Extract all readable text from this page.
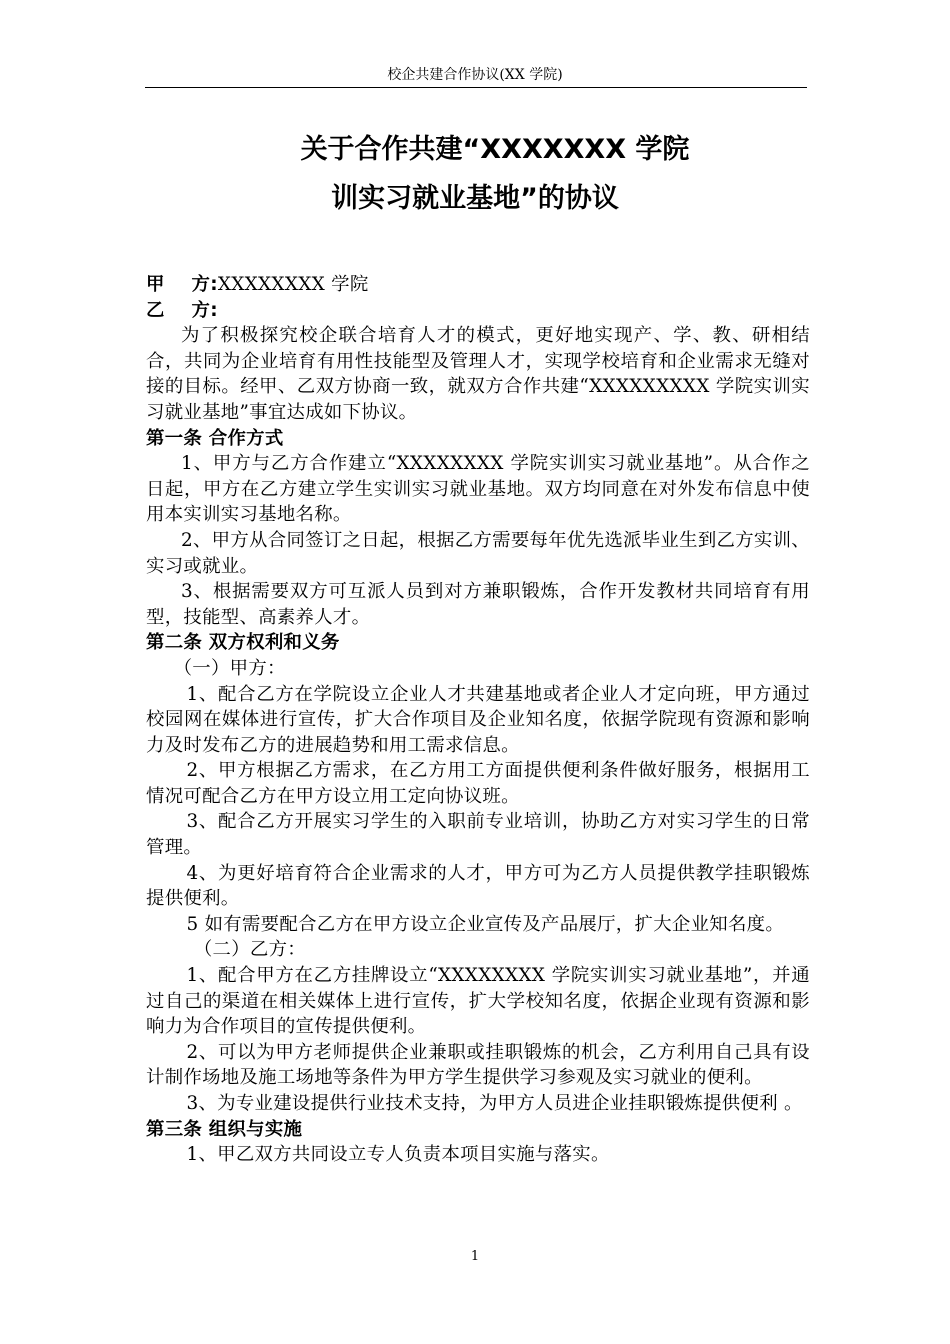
校企共建合作协议(XX 学院)
关于合作共建“XXXXXXX 学院
训实习就业基地”的协议
甲    方: XXXXXXXX 学院
乙    方:

为了积极探究校企联合培育人才的模式，更好地实现产、学、教、研相结合，共同为企业培育有用性技能型及管理人才，实现学校培育和企业需求无缝对接的目标。经甲、乙双方协商一致，就双方合作共建“XXXXXXXXX 学院实训实习就业基地”事宜达成如下协议。

第一条 合作方式

1、甲方与乙方合作建立“XXXXXXXX 学院实训实习就业基地”。从合作之日起，甲方在乙方建立学生实训实习就业基地。双方均同意在对外发布信息中使用本实训实习基地名称。

2、甲方从合同签订之日起，根据乙方需要每年优先选派毕业生到乙方实训、实习或就业。

3、根据需要双方可互派人员到对方兼职锻炼，合作开发教材共同培育有用型，技能型、高素养人才。

第二条 双方权利和义务

（一）甲方：

1、配合乙方在学院设立企业人才共建基地或者企业人才定向班，甲方通过校园网在媒体进行宣传，扩大合作项目及企业知名度，依据学院现有资源和影响力及时发布乙方的进展趋势和用工需求信息。

2、甲方根据乙方需求，在乙方用工方面提供便利条件做好服务，根据用工情况可配合乙方在甲方设立用工定向协议班。

3、配合乙方开展实习学生的入职前专业培训，协助乙方对实习学生的日常管理。

4、为更好培育符合企业需求的人才，甲方可为乙方人员提供教学挂职锻炼提供便利。

5 如有需要配合乙方在甲方设立企业宣传及产品展厅，扩大企业知名度。

（二）乙方：

1、配合甲方在乙方挂牌设立“XXXXXXXX 学院实训实习就业基地”，并通过自己的渠道在相关媒体上进行宣传，扩大学校知名度，依据企业现有资源和影响力为合作项目的宣传提供便利。

2、可以为甲方老师提供企业兼职或挂职锻炼的机会，乙方利用自己具有设计制作场地及施工场地等条件为甲方学生提供学习参观及实习就业的便利。

3、为专业建设提供行业技术支持，为甲方人员进企业挂职锻炼提供便利 。

第三条 组织与实施

1、甲乙双方共同设立专人负责本项目实施与落实。

1
